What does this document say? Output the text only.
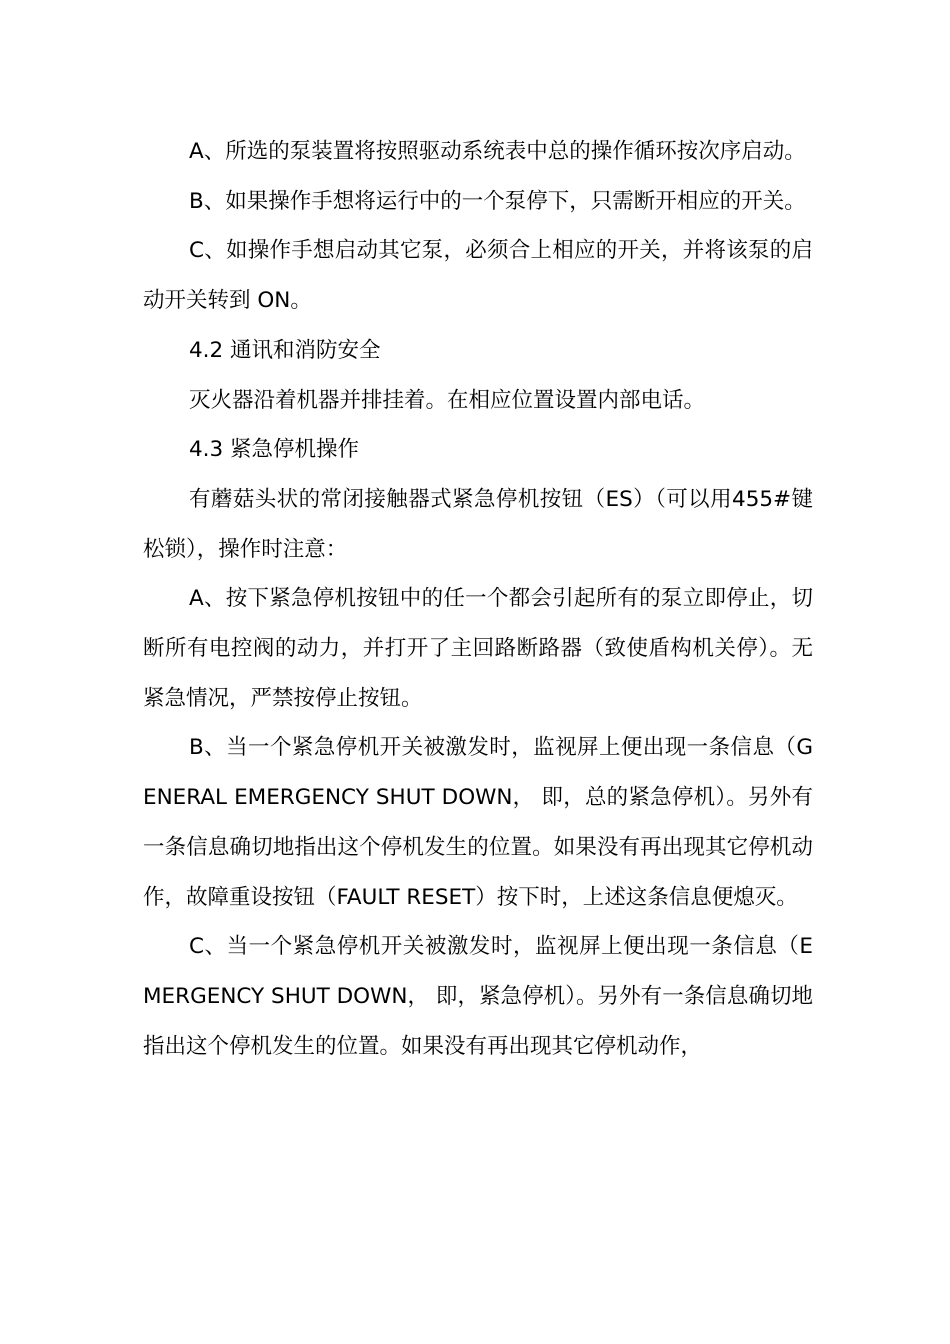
A、所选的泵装置将按照驱动系统表中总的操作循环按次序启动。

B、如果操作手想将运行中的一个泵停下，只需断开相应的开关。

C、如操作手想启动其它泵，必须合上相应的开关，并将该泵的启动开关转到 ON。

4.2 通讯和消防安全

灭火器沿着机器并排挂着。在相应位置设置内部电话。

4.3 紧急停机操作

有蘑菇头状的常闭接触器式紧急停机按钮（ES）（可以用455#键松锁），操作时注意：

A、按下紧急停机按钮中的任一个都会引起所有的泵立即停止，切断所有电控阀的动力，并打开了主回路断路器（致使盾构机关停）。无紧急情况，严禁按停止按钮。

B、当一个紧急停机开关被激发时，监视屏上便出现一条信息（GENERAL EMERGENCY SHUT DOWN， 即，总的紧急停机）。另外有一条信息确切地指出这个停机发生的位置。如果没有再出现其它停机动作，故障重设按钮（FAULT RESET）按下时，上述这条信息便熄灭。

C、当一个紧急停机开关被激发时，监视屏上便出现一条信息（EMERGENCY SHUT DOWN， 即，紧急停机）。另外有一条信息确切地指出这个停机发生的位置。如果没有再出现其它停机动作，
